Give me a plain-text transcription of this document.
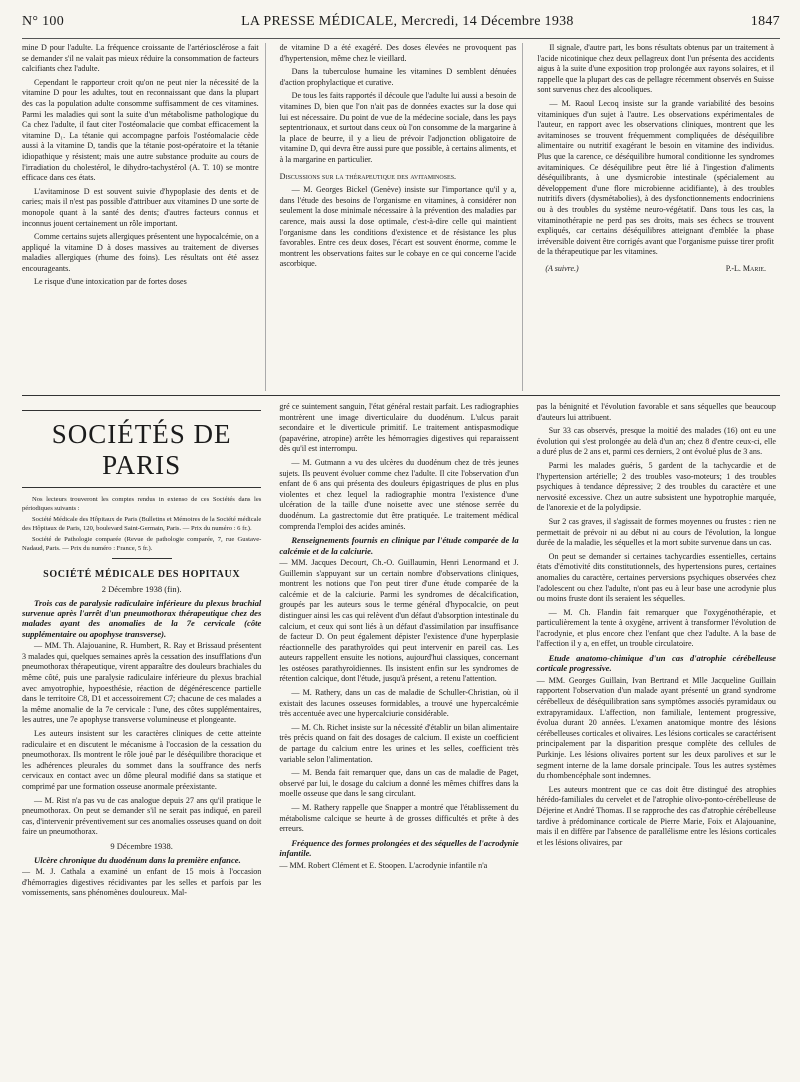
N° 100	LA PRESSE MÉDICALE, Mercredi, 14 Décembre 1938	1847

mine D pour l'adulte. La fréquence croissante de l'artériosclérose a fait se demander s'il ne valait pas mieux réduire la consommation de facteurs calcifiants chez l'adulte.

Cependant le rapporteur croit qu'on ne peut nier la nécessité de la vitamine D pour les adultes, tout en reconnaissant que dans la plupart des cas la population adulte consomme suffisamment de ces vitamines. Parmi les maladies qui sont la suite d'un métabolisme pathologique du Ca chez l'adulte, il faut citer l'ostéomalacie que combat efficacement la vitamine D₁. La tétanie qui accompagne parfois l'ostéomalacie cède aussi à la vitamine D, tandis que la tétanie post-opératoire et la tétanie idiopathique y résistent; mais une autre substance produite au cours de l'irradiation du cholestérol, le dihydro-tachystérol (A. T. 10) se montre efficace dans ces états.

L'avitaminose D est souvent suivie d'hypoplasie des dents et de caries; mais il n'est pas possible d'attribuer aux vitamines D une sorte de monopole quant à la santé des dents; d'autres facteurs connus et inconnus jouent certainement un rôle important.

Comme certains sujets allergiques présentent une hypocalcémie, on a appliqué la vitamine D à doses massives au traitement de diverses maladies allergiques (rhume des foins). Les résultats ont été assez encourageants.

Le risque d'une intoxication par de fortes doses

de vitamine D a été exagéré. Des doses élevées ne provoquent pas d'hypertension, même chez le vieillard.

Dans la tuberculose humaine les vitamines D semblent dénuées d'action prophylactique et curative.

De tous les faits rapportés il découle que l'adulte lui aussi a besoin de vitamines D, bien que l'on n'ait pas de données exactes sur la dose qui lui est nécessaire. Du point de vue de la médecine sociale, dans les pays septentrionaux, et surtout dans ceux où l'on consomme de la margarine à la place de beurre, il y a lieu de prévoir l'adjonction obligatoire de vitamine D, qui devra être aussi pure que possible, à certains aliments, et à la margarine en particulier.

Discussions sur la thérapeutique des avitaminoses.

— M. Georges Bickel (Genève) insiste sur l'importance qu'il y a, dans l'étude des besoins de l'organisme en vitamines, à considérer non seulement la dose minimale nécessaire à la prévention des maladies par carence, mais aussi la dose optimale, c'est-à-dire celle qui maintient l'organisme dans les conditions d'existence et de résistance les plus favorables. Entre ces deux doses, l'écart est souvent énorme, comme le montrent les observations faites sur le cobaye en ce qui concerne l'acide ascorbique.

Il signale, d'autre part, les bons résultats obtenus par un traitement à l'acide nicotinique chez deux pellagreux dont l'un présenta des accidents aigus à la suite d'une exposition trop prolongée aux rayons solaires, et il rappelle que la plupart des cas de pellagre récemment observés en Suisse sont survenus chez des alcooliques.

— M. Raoul Lecoq insiste sur la grande variabilité des besoins vitaminiques d'un sujet à l'autre. Les observations expérimentales de l'auteur, en rapport avec les observations cliniques, montrent que les avitaminoses se trouvent fréquemment compliquées de déséquilibre alimentaire ou nutritif exagérant le besoin en vitamine des individus. Plus que la carence, ce déséquilibre humoral conditionne les syndromes avitaminiques. Ce déséquilibre peut être lié à l'ingestion d'aliments déséquilibrants, à une dysmicrobie intestinale (spécialement au développement d'une flore microbienne acidifiante), à des troubles nutritifs divers (dysmétabolies), à des dysfonctionnements endocriniens ou à des troubles du système neuro-végétatif. Dans tous les cas, la vitaminothérapie ne perd pas ses droits, mais ses échecs se trouvent expliqués, car certains déséquilibres atteignant d'emblée la phase irréversible doivent être corrigés avant que l'organisme puisse tirer profit de la thérapeutique par les vitamines.

(A suivre.)	P.-L. Marie.
SOCIÉTÉS DE PARIS

Nos lecteurs trouveront les comptes rendus in extenso de ces Sociétés dans les périodiques suivants :

Société Médicale des Hôpitaux de Paris (Bulletins et Mémoires de la Société médicale des Hôpitaux de Paris, 120, boulevard Saint-Germain, Paris. — Prix du numéro : 6 fr.).

Société de Pathologie comparée (Revue de pathologie comparée, 7, rue Gustave-Nadaud, Paris. — Prix du numéro : France, 5 fr.).

SOCIÉTÉ MÉDICALE DES HOPITAUX
2 Décembre 1938 (fin).
Trois cas de paralysie radiculaire inférieure du plexus brachial survenue après l'arrêt d'un pneumothorax thérapeutique chez des malades ayant des anomalies de la 7e cervicale (côte supplémentaire ou apophyse transverse).

— MM. Th. Alajouanine, R. Humbert, R. Ray et Brissaud présentent 3 malades qui, quelques semaines après la cessation des insufflations d'un pneumothorax thérapeutique, virent apparaître des douleurs brachiales du même côté, puis une paralysie radiculaire inférieure du plexus brachial avec amyotrophie, hypoesthésie, réaction de dégénérescence partielle dans le territoire C8, D1 et accessoirement C7; chacune de ces malades a la même anomalie de la 7e cervicale : l'une, des côtes supplémentaires, les autres, une 7e apophyse transverse volumineuse et plongeante.

Les auteurs insistent sur les caractères cliniques de cette atteinte radiculaire et en discutent le mécanisme à l'occasion de la cessation du pneumothorax. Ils montrent le rôle joué par le déséquilibre thoracique et les adhérences pleurales du sommet dans la souffrance des nerfs cervicaux en contact avec un dôme pleural modifié dans sa statique et comprimé par une formation osseuse anormale préexistante.

— M. Rist n'a pas vu de cas analogue depuis 27 ans qu'il pratique le pneumothorax. On peut se demander s'il ne serait pas indiqué, en pareil cas, d'intervenir préventivement sur ces anomalies osseuses quand on doit faire un pneumothorax.

9 Décembre 1938.
Ulcère chronique du duodénum dans la première enfance.

— M. J. Cathala a examiné un enfant de 15 mois à l'occasion d'hémorragies digestives récidivantes par les selles et parfois par les vomissements, sans phénomènes douloureux. Mal-

gré ce suintement sanguin, l'état général restait parfait. Les radiographies montrèrent une image diverticulaire du duodénum. L'ulcus parait secondaire et le diverticule primitif. Le traitement antispasmodique (papavérine, atropine) arrête les hémorragies digestives qui reparaissent dès qu'il est interrompu.

— M. Gutmann a vu des ulcères du duodénum chez de très jeunes sujets. Ils peuvent évoluer comme chez l'adulte. Il cite l'observation d'un enfant de 6 ans qui présenta des douleurs épigastriques de plus en plus violentes et chez lequel la radiographie montra l'existence d'une ulcération de la taille d'une noisette avec une sténose serrée du duodénum. La gastrectomie dut être pratiquée. Le traitement médical comprenda l'emploi des acides aminés.

Renseignements fournis en clinique par l'étude comparée de la calcémie et de la calciurie.

— MM. Jacques Decourt, Ch.-O. Guillaumin, Henri Lenormand et J. Guillemin s'appuyant sur un certain nombre d'observations cliniques, montrent les notions que l'on peut tirer d'une étude comparée de la calcémie et de la calciurie. Parmi les syndromes de décalcification, groupés par les auteurs sous le terme général d'hypocalcie, on peut distinguer ainsi les cas qui relèvent d'un défaut d'absorption intestinale du calcium, et ceux qui sont liés à un défaut d'assimilation par insuffisance de facteur D. On peut également dépister l'existence d'une hyperplasie réactionnelle des parathyroïdes qui peut intervenir en pareil cas. Les auteurs rappellent ensuite les notions, aujourd'hui classiques, concernant les ostéoses parathyroïdiennes. Ils insistent enfin sur les syndromes de rétention calcique, dont l'étude, jusqu'à présent, a retenu l'attention.

— M. Rathery, dans un cas de maladie de Schuller-Christian, où il existait des lacunes osseuses formidables, a trouvé une hypercalcémie très accentuée avec une hypercalciurie considérable.

— M. Ch. Richet insiste sur la nécessité d'établir un bilan alimentaire très précis quand on fait des dosages de calcium. Il existe un coefficient de partage du calcium entre les urines et les selles, coefficient très variable selon l'alimentation.

— M. Benda fait remarquer que, dans un cas de maladie de Paget, observé par lui, le dosage du calcium a donné les mêmes chiffres dans la moelle osseuse que dans le sang circulant.

— M. Rathery rappelle que Snapper a montré que l'établissement du métabolisme calcique se heurte à de grosses difficultés et prête à des erreurs.

Fréquence des formes prolongées et des séquelles de l'acrodynie infantile.

— MM. Robert Clément et E. Stoopen. L'acrodynie infantile n'a

pas la bénignité et l'évolution favorable et sans séquelles que beaucoup d'auteurs lui attribuent.

Sur 33 cas observés, presque la moitié des malades (16) ont eu une évolution qui s'est prolongée au delà d'un an; chez 8 d'entre ceux-ci, elle a duré plus de 2 ans et, parmi ces derniers, 2 ont évolué plus de 3 ans.

Parmi les malades guéris, 5 gardent de la tachycardie et de l'hypertension artérielle; 2 des troubles vaso-moteurs; 1 des troubles psychiques à tendance dépressive; 2 des troubles du caractère et une nervosité excessive. Chez un autre subsistent une hypotrophie marquée, de l'anorexie et de la polydipsie.

Sur 2 cas graves, il s'agissait de formes moyennes ou frustes : rien ne permettait de prévoir ni au début ni au cours de l'évolution, la longue durée de la maladie, les séquelles et la mort subite survenue dans un cas.

On peut se demander si certaines tachycardies essentielles, certains états d'émotivité dits constitutionnels, des hypertensions pures, certaines anomalies du caractère, certaines perversions psychiques observées chez l'adolescent ou chez l'adulte, n'ont pas eu à leur base une acrodynie plus ou moins fruste dont ils seraient les séquelles.

— M. Ch. Flandin fait remarquer que l'oxygénothérapie, et particulièrement la tente à oxygène, arrivent à transformer l'évolution de l'acrodynie, et plus encore chez l'enfant que chez l'adulte. A la base de l'affection il y a, en effet, un trouble circulatoire.

Etude anatomo-chimique d'un cas d'atrophie cérébelleuse corticale progressive.

— MM. Georges Guillain, Ivan Bertrand et Mlle Jacqueline Guillain rapportent l'observation d'un malade ayant présenté un grand syndrome cérébelleux de déséquilibration sans symptômes associés pyramidaux ou extrapyramidaux. L'affection, non familiale, lentement progressive, évolua durant 20 années. L'examen anatomique montre des lésions cérébelleuses corticales et olivaires. Les lésions corticales se caractérisent principalement par la disparition presque complète des cellules de Purkinje. Les lésions olivaires portent sur les deux parolives et sur le segment interne de la lame dorsale principale. Tous les autres systèmes du rhombencéphale sont indemnes.

Les auteurs montrent que ce cas doit être distingué des atrophies hérédo-familiales du cervelet et de l'atrophie olivo-ponto-cérébelleuse de Déjerine et André Thomas. Il se rapproche des cas d'atrophie cérébelleuse tardive à prédominance corticale de Pierre Marie, Foix et Alajouanine, mais il en diffère par l'absence de parallélisme entre les lésions corticales et les lésions olivaires, par
